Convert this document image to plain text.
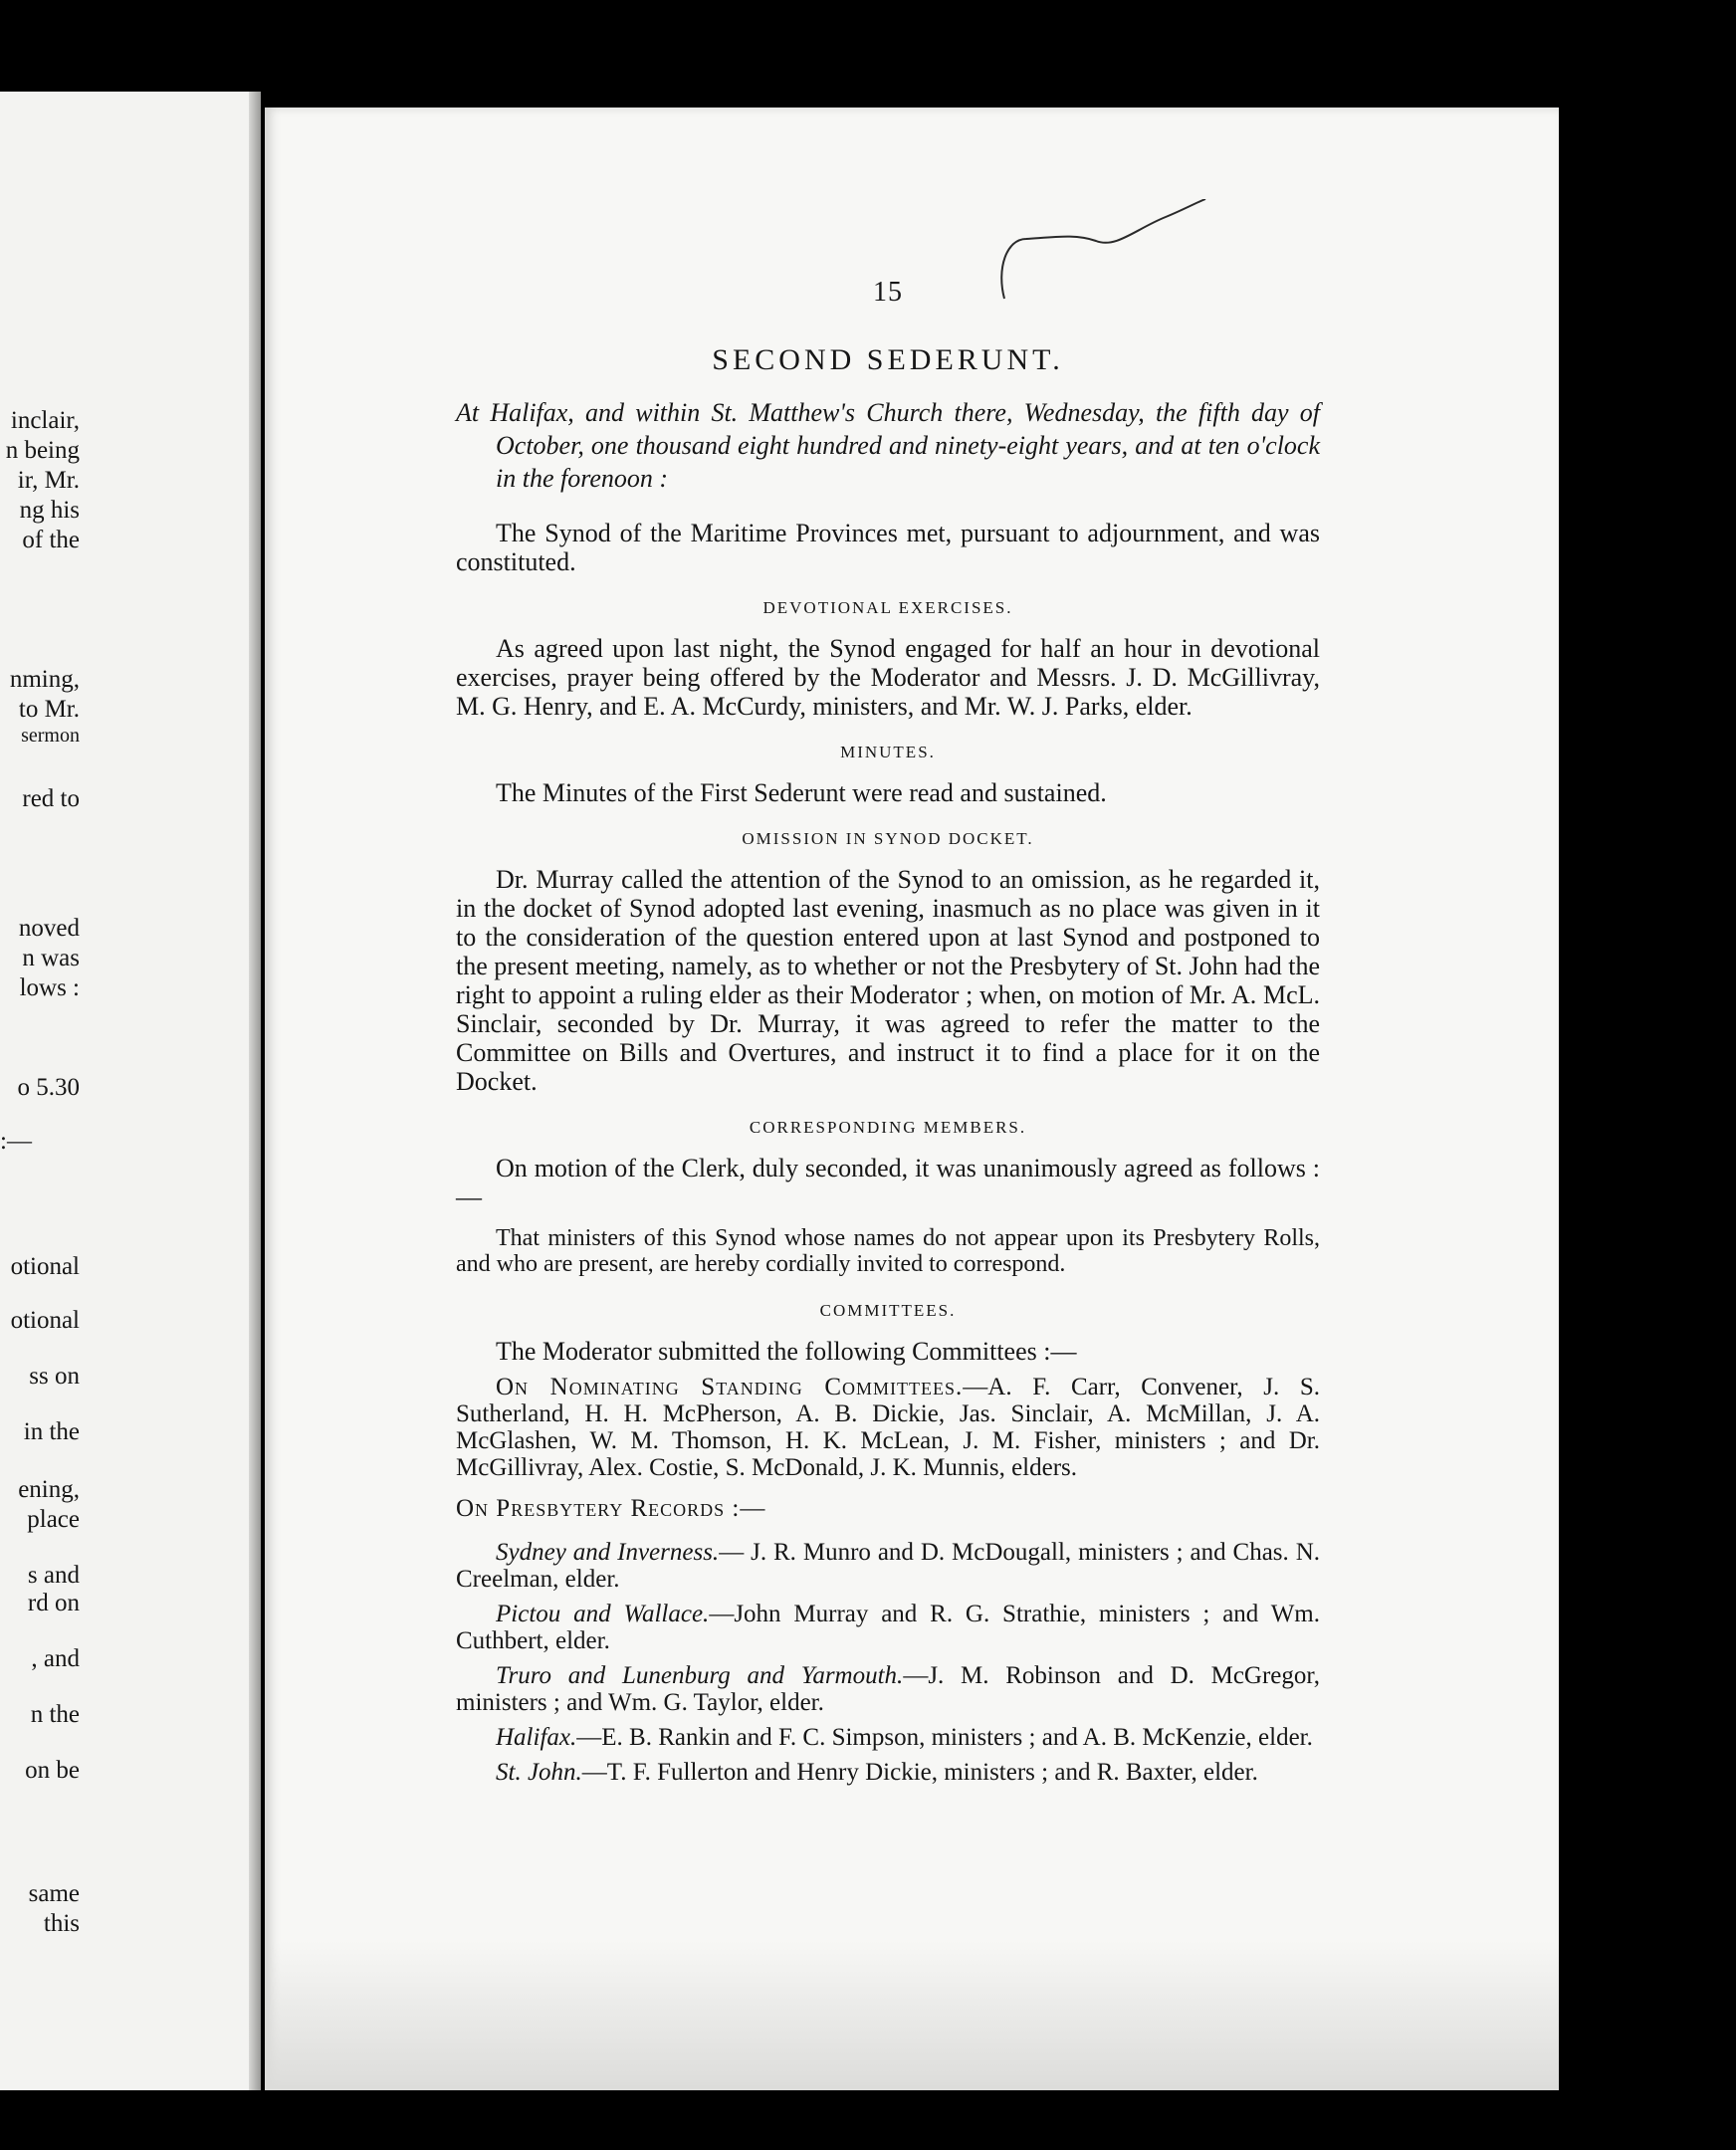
inclair,
n being
ir, Mr.
ng his
of the
nming,
to Mr.
sermon
red to
noved
n was
lows :
o 5.30
:—
otional
otional
ss on
in the
ening,
place
s and
rd on
, and
n the
on be
same
this
15
SECOND SEDERUNT.
At Halifax, and within St. Matthew's Church there, Wednesday, the fifth day of October, one thousand eight hundred and ninety-eight years, and at ten o'clock in the forenoon :
The Synod of the Maritime Provinces met, pursuant to adjournment, and was constituted.
DEVOTIONAL EXERCISES.
As agreed upon last night, the Synod engaged for half an hour in devotional exercises, prayer being offered by the Moderator and Messrs. J. D. McGillivray, M. G. Henry, and E. A. McCurdy, ministers, and Mr. W. J. Parks, elder.
MINUTES.
The Minutes of the First Sederunt were read and sustained.
OMISSION IN SYNOD DOCKET.
Dr. Murray called the attention of the Synod to an omission, as he regarded it, in the docket of Synod adopted last evening, inasmuch as no place was given in it to the consideration of the question entered upon at last Synod and postponed to the present meeting, namely, as to whether or not the Presbytery of St. John had the right to appoint a ruling elder as their Moderator ; when, on motion of Mr. A. McL. Sinclair, seconded by Dr. Murray, it was agreed to refer the matter to the Committee on Bills and Overtures, and instruct it to find a place for it on the Docket.
CORRESPONDING MEMBERS.
On motion of the Clerk, duly seconded, it was unanimously agreed as follows :—
That ministers of this Synod whose names do not appear upon its Presbytery Rolls, and who are present, are hereby cordially invited to correspond.
COMMITTEES.
The Moderator submitted the following Committees :—
On Nominating Standing Committees.—A. F. Carr, Convener, J. S. Sutherland, H. H. McPherson, A. B. Dickie, Jas. Sinclair, A. McMillan, J. A. McGlashen, W. M. Thomson, H. K. McLean, J. M. Fisher, ministers ; and Dr. McGillivray, Alex. Costie, S. McDonald, J. K. Munnis, elders.
On Presbytery Records :—
Sydney and Inverness.— J. R. Munro and D. McDougall, ministers ; and Chas. N. Creelman, elder.
Pictou and Wallace.—John Murray and R. G. Strathie, ministers ; and Wm. Cuthbert, elder.
Truro and Lunenburg and Yarmouth.—J. M. Robinson and D. McGregor, ministers ; and Wm. G. Taylor, elder.
Halifax.—E. B. Rankin and F. C. Simpson, ministers ; and A. B. McKenzie, elder.
St. John.—T. F. Fullerton and Henry Dickie, ministers ; and R. Baxter, elder.
